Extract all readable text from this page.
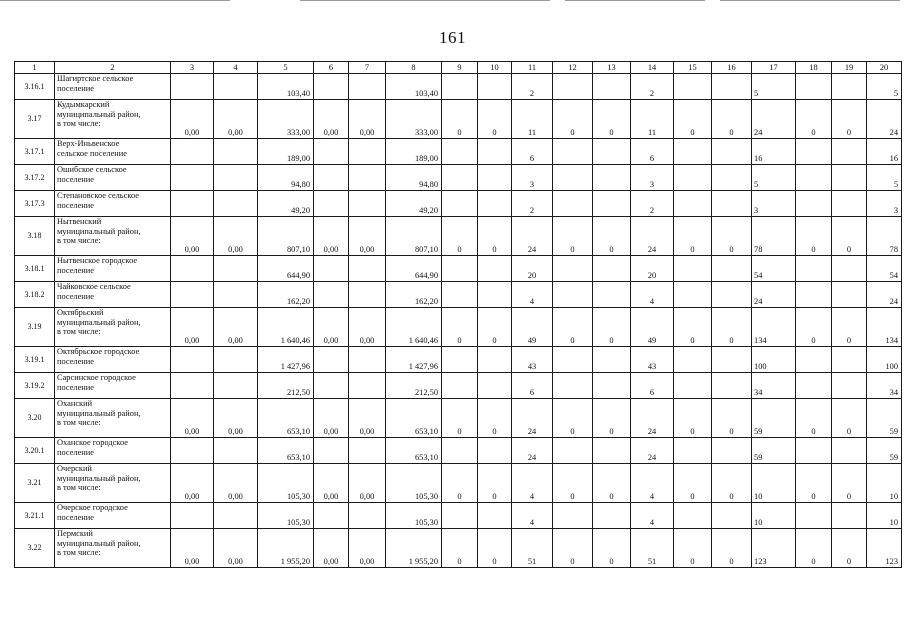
161
1	2	3	4	5	6	7	8	9	10	11	12	13	14	15	16	17	18	19	20
3.16.1	Шагиртское сельское
поселение			103,40			103,40			2			2			5			5
3.17	Кудымкарский
муниципальный район,
в том числе:	0,00	0,00	333,00	0,00	0,00	333,00	0	0	11	0	0	11	0	0	24	0	0	24
3.17.1	Верх-Иньвенское
сельское поселение			189,00			189,00			6			6			16			16
3.17.2	Ошибское сельское
поселение			94,80			94,80			3			3			5			5
3.17.3	Степановское сельское
поселение			49,20			49,20			2			2			3			3
3.18	Нытвенский
муниципальный район,
в том числе:	0,00	0,00	807,10	0,00	0,00	807,10	0	0	24	0	0	24	0	0	78	0	0	78
3.18.1	Нытвенское городское
поселение			644,90			644,90			20			20			54			54
3.18.2	Чайковское сельское
поселение			162,20			162,20			4			4			24			24
3.19	Октябрьский
муниципальный район,
в том числе:	0,00	0,00	1 640,46	0,00	0,00	1 640,46	0	0	49	0	0	49	0	0	134	0	0	134
3.19.1	Октябрьское городское
поселение			1 427,96			1 427,96			43			43			100			100
3.19.2	Сарсинское городское
поселение			212,50			212,50			6			6			34			34
3.20	Оханский
муниципальный район,
в том числе:	0,00	0,00	653,10	0,00	0,00	653,10	0	0	24	0	0	24	0	0	59	0	0	59
3.20.1	Оханское городское
поселение			653,10			653,10			24			24			59			59
3.21	Очерский
муниципальный район,
в том числе:	0,00	0,00	105,30	0,00	0,00	105,30	0	0	4	0	0	4	0	0	10	0	0	10
3.21.1	Очерское городское
поселение			105,30			105,30			4			4			10			10
3.22	Пермский
муниципальный район,
в том числе:	0,00	0,00	1 955,20	0,00	0,00	1 955,20	0	0	51	0	0	51	0	0	123	0	0	123
